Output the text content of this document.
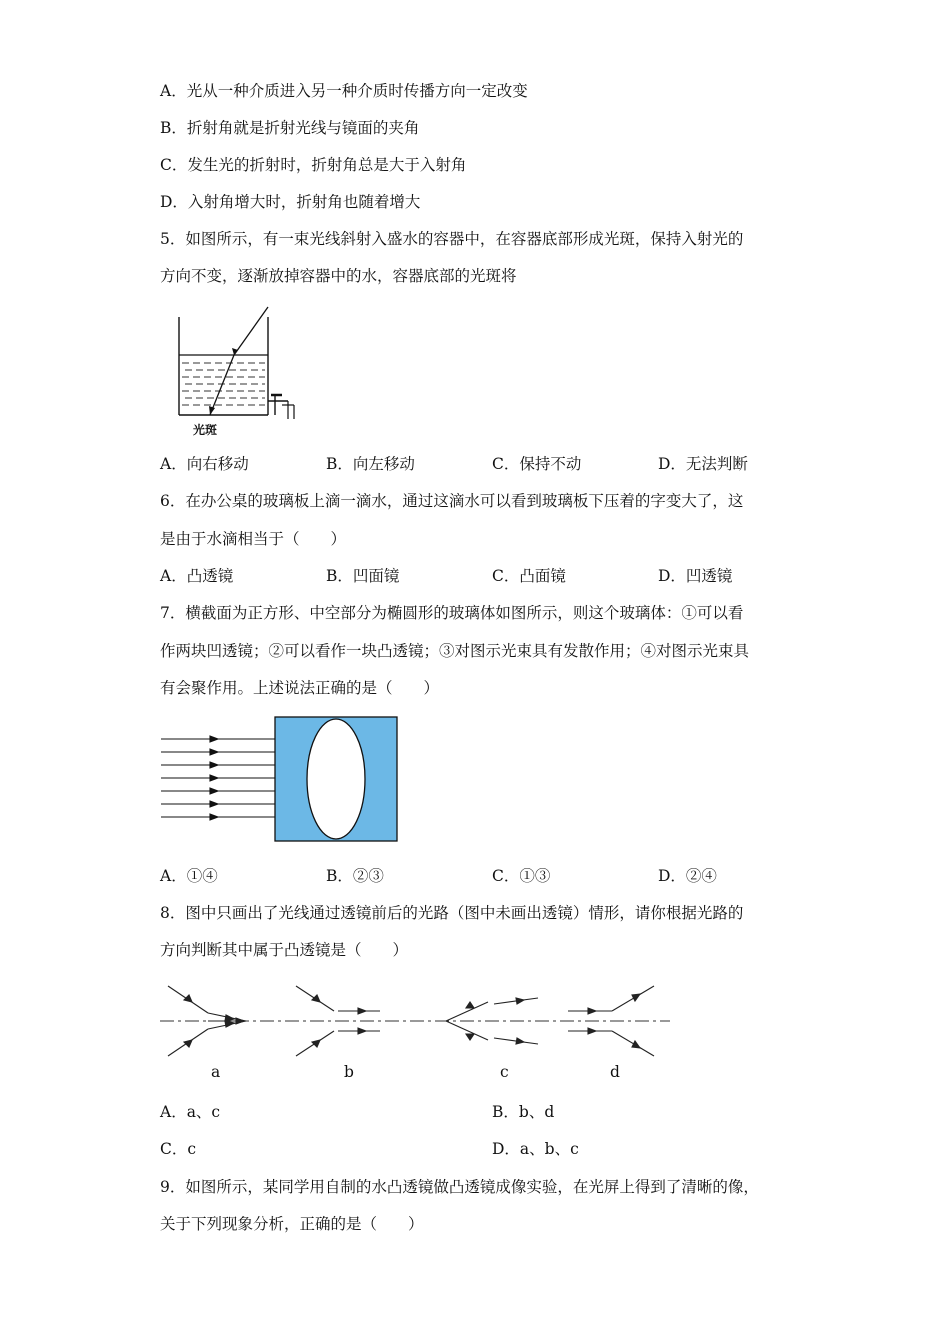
A．光从一种介质进入另一种介质时传播方向一定改变
B．折射角就是折射光线与镜面的夹角
C．发生光的折射时，折射角总是大于入射角
D．入射角增大时，折射角也随着增大
5．如图所示，有一束光线斜射入盛水的容器中，在容器底部形成光斑，保持入射光的
方向不变，逐渐放掉容器中的水，容器底部的光斑将
光斑
A．向右移动	B．向左移动	C．保持不动	D．无法判断
6．在办公桌的玻璃板上滴一滴水，通过这滴水可以看到玻璃板下压着的字变大了，这
是由于水滴相当于（　　）
A．凸透镜	B．凹面镜	C．凸面镜	D．凹透镜
7．横截面为正方形、中空部分为椭圆形的玻璃体如图所示，则这个玻璃体：①可以看
作两块凹透镜；②可以看作一块凸透镜；③对图示光束具有发散作用；④对图示光束具
有会聚作用。上述说法正确的是（　　）
A．①④	B．②③	C．①③	D．②④
8．图中只画出了光线通过透镜前后的光路（图中未画出透镜）情形，请你根据光路的
方向判断其中属于凸透镜是（　　）
a	b	c	d
A．a、c	B．b、d
C．c	D．a、b、c
9．如图所示，某同学用自制的水凸透镜做凸透镜成像实验，在光屏上得到了清晰的像，
关于下列现象分析，正确的是（　　）
